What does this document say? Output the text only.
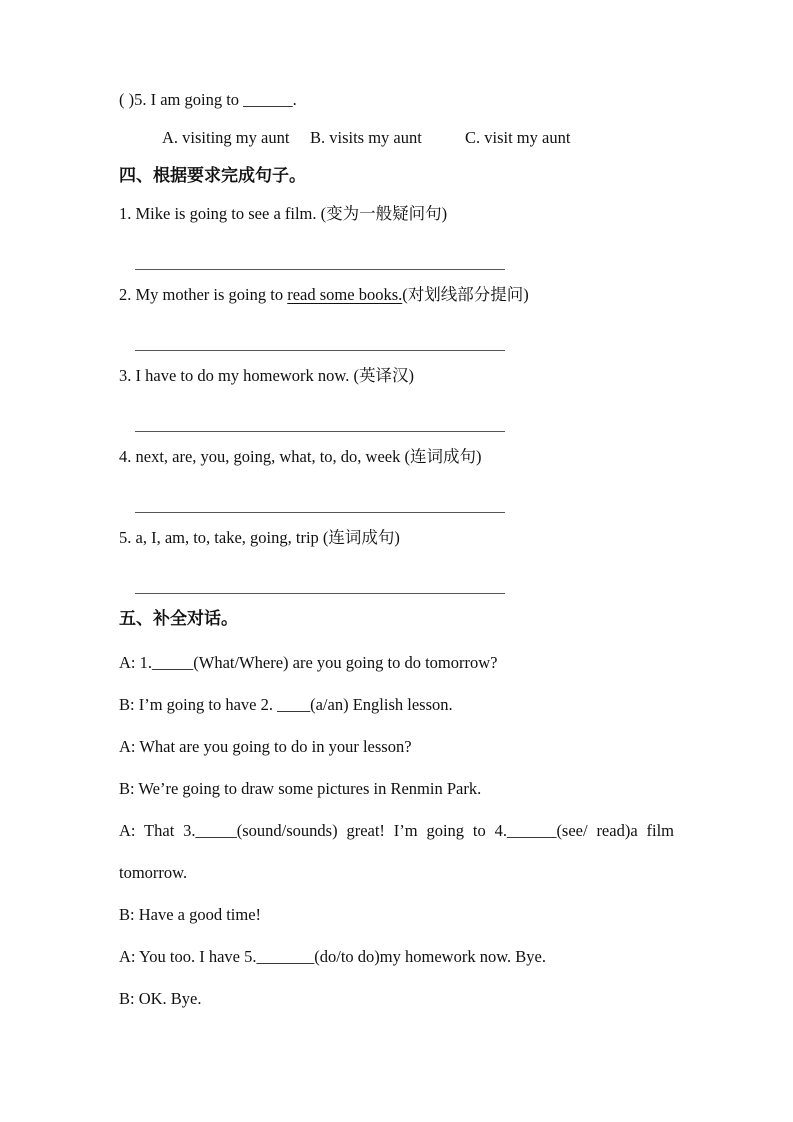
( )5. I am going to ______.

A. visiting my aunt B. visits my aunt	C. visit my aunt

四、根据要求完成句子。

1. Mike is going to see a film. (变为一般疑问句)

2. My mother is going to read some books.(对划线部分提问)

3. I have to do my homework now. (英译汉)

4. next, are, you, going, what, to, do, week (连词成句)

5. a, I, am, to, take, going, trip (连词成句)

五、补全对话。

A: 1._____(What/Where) are you going to do tomorrow?

B: I’m going to have 2. ____(a/an) English lesson.

A: What are you going to do in your lesson?

B: We’re going to draw some pictures in Renmin Park.

A: That 3._____(sound/sounds) great! I’m going to 4.______(see/ read)a film tomorrow.

B: Have a good time!

A: You too. I have 5._______(do/to do)my homework now. Bye.

B: OK. Bye.
